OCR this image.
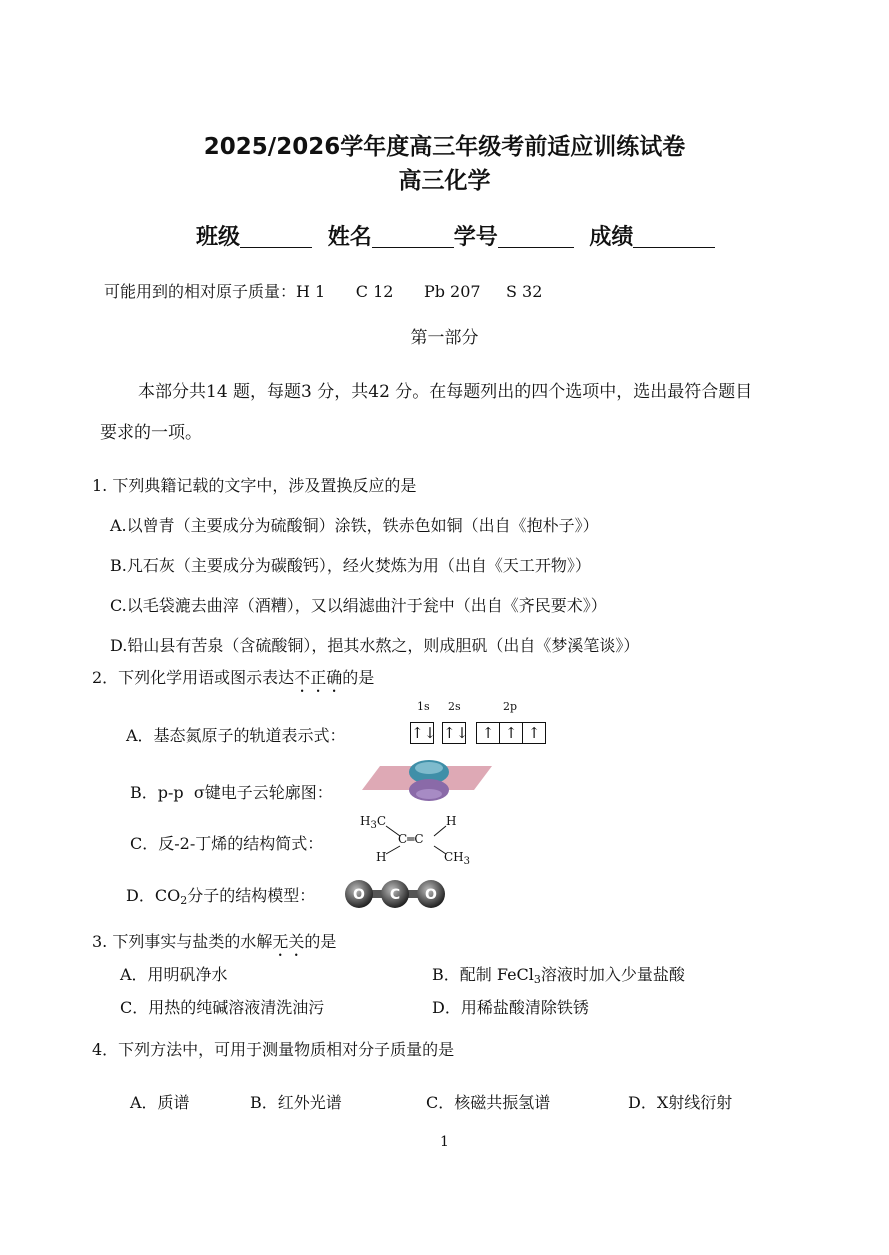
2025/2026学年度高三年级考前适应训练试卷
高三化学
班级	姓名	学号	成绩
可能用到的相对原子质量：H 1      C 12      Pb 207     S 32
第一部分
本部分共14 题，每题3 分，共42 分。在每题列出的四个选项中，选出最符合题目
要求的一项。
1. 下列典籍记载的文字中，涉及置换反应的是
A.以曾青（主要成分为硫酸铜）涂铁，铁赤色如铜（出自《抱朴子》）
B.凡石灰（主要成分为碳酸钙），经火焚炼为用（出自《天工开物》）
C.以毛袋漉去曲滓（酒糟），又以绢滤曲汁于瓮中（出自《齐民要术》）
D.铅山县有苦泉（含硫酸铜），挹其水熬之，则成胆矾（出自《梦溪笔谈》）
2．下列化学用语或图示表达不正确的是
A．基态氮原子的轨道表示式：
1s 2s	2p
↑↓ ↑↓ ↑ ↑ ↑
B．p-p  σ键电子云轮廓图：
C．反-2-丁烯的结构简式：
$H_3C$	H
C═C
H	$CH_3$
D．$CO_2$分子的结构模型：	O C O
3. 下列事实与盐类的水解无关的是
A．用明矾净水	B．配制 FeCl$_3$溶液时加入少量盐酸
C．用热的纯碱溶液清洗油污	D．用稀盐酸清除铁锈
4．下列方法中，可用于测量物质相对分子质量的是
A．质谱	B．红外光谱	C．核磁共振氢谱	D．X射线衍射
1
